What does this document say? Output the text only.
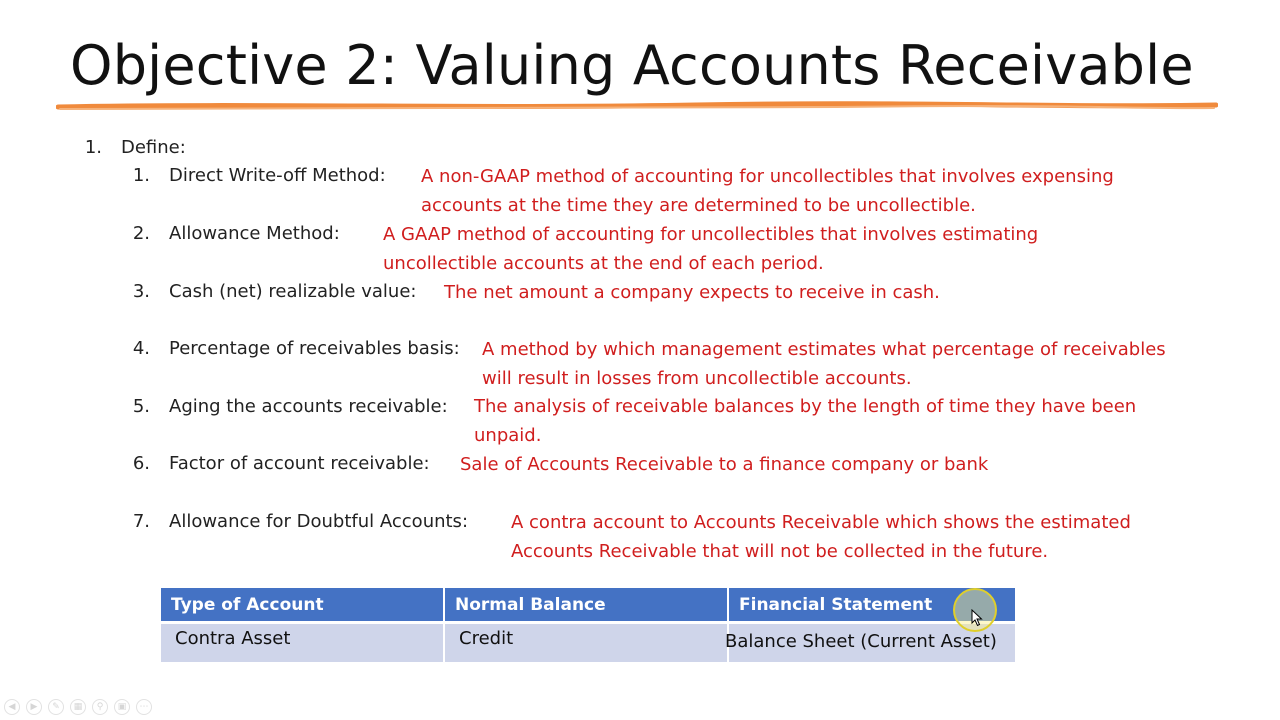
Objective 2: Valuing Accounts Receivable
1. Define:
1. Direct Write-off Method: A non-GAAP method of accounting for uncollectibles that involves expensing
accounts at the time they are determined to be uncollectible.
2. Allowance Method: A GAAP method of accounting for uncollectibles that involves estimating
uncollectible accounts at the end of each period.
3. Cash (net) realizable value: The net amount a company expects to receive in cash.
4. Percentage of receivables basis: A method by which management estimates what percentage of receivables
will result in losses from uncollectible accounts.
5. Aging the accounts receivable: The analysis of receivable balances by the length of time they have been
unpaid.
6. Factor of account receivable: Sale of Accounts Receivable to a finance company or bank
7. Allowance for Doubtful Accounts: A contra account to Accounts Receivable which shows the estimated
Accounts Receivable that will not be collected in the future.
Type of Account	Normal Balance	Financial Statement
Contra Asset	Credit	Balance Sheet (Current Asset)
◀	▶	✎	▦	⚲	▣	⋯
